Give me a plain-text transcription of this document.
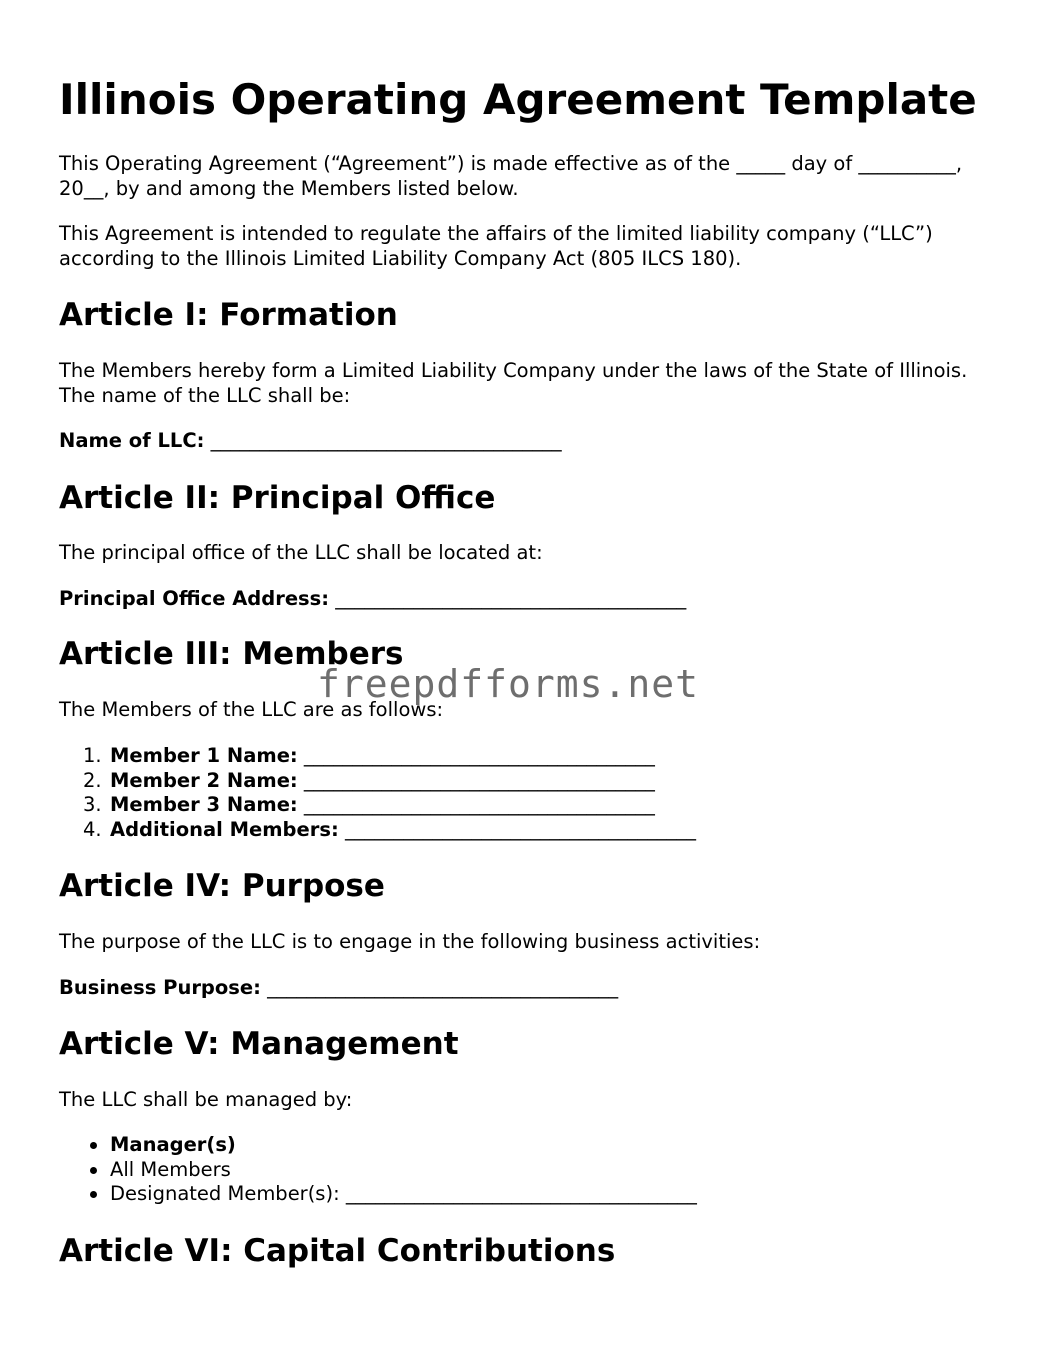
Illinois Operating Agreement Template

This Operating Agreement (“Agreement”) is made effective as of the _____ day of __________, 20__, by and among the Members listed below.

This Agreement is intended to regulate the affairs of the limited liability company (“LLC”) according to the Illinois Limited Liability Company Act (805 ILCS 180).

Article I: Formation

The Members hereby form a Limited Liability Company under the laws of the State of Illinois. The name of the LLC shall be:

Name of LLC: ____________________________________
Article II: Principal Office

The principal office of the LLC shall be located at:

Principal Office Address: ____________________________________
Article III: Members

The Members of the LLC are as follows:

1. Member 1 Name: ____________________________________
2. Member 2 Name: ____________________________________
3. Member 3 Name: ____________________________________
4. Additional Members: ____________________________________
Article IV: Purpose

The purpose of the LLC is to engage in the following business activities:

Business Purpose: ____________________________________
Article V: Management

The LLC shall be managed by:

Manager(s)
All Members
Designated Member(s): ____________________________________
Article VI: Capital Contributions
freepdfforms.net
